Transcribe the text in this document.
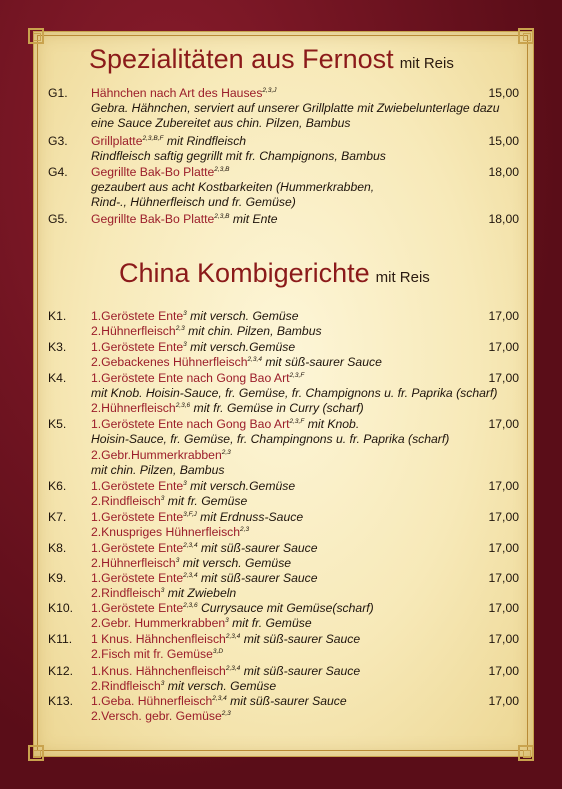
Spezialitäten aus Fernost mit Reis
G1. Hähnchen nach Art des Hauses$^{2,3,J}$	15,00
Gebra. Hähnchen, serviert auf unserer Grillplatte mit Zwiebelunterlage dazu
eine Sauce Zubereitet aus chin. Pilzen, Bambus
G3. Grillplatte$^{2,3,B,F}$ mit Rindfleisch	15,00
Rindfleisch saftig gegrillt mit fr. Champignons, Bambus
G4. Gegrillte Bak-Bo Platte$^{2,3,B}$	18,00
gezaubert aus acht Kostbarkeiten (Hummerkrabben,
Rind-., Hühnerfleisch und fr. Gemüse)
G5. Gegrillte Bak-Bo Platte$^{2,3,B}$ mit Ente	18,00
China Kombigerichte mit Reis
K1. 1.Geröstete Ente$^3$ mit versch. Gemüse	17,00
2.Hühnerfleisch$^{2,3}$ mit chin. Pilzen, Bambus
K3. 1.Geröstete Ente$^3$ mit versch.Gemüse	17,00
2.Gebackenes Hühnerfleisch$^{2,3,4}$ mit süß-saurer Sauce
K4. 1.Geröstete Ente nach Gong Bao Art$^{2,3,F}$	17,00
mit Knob. Hoisin-Sauce, fr. Gemüse, fr. Champignons u. fr. Paprika (scharf)
2.Hühnerfleisch$^{2,3,6}$ mit fr. Gemüse in Curry (scharf)
K5. 1.Geröstete Ente nach Gong Bao Art$^{2,3,F}$ mit Knob.	17,00
Hoisin-Sauce, fr. Gemüse, fr. Champingnons u. fr. Paprika (scharf)
2.Gebr.Hummerkrabben$^{2,3}$
mit chin. Pilzen, Bambus
K6. 1.Geröstete Ente$^3$ mit versch.Gemüse	17,00
2.Rindfleisch$^3$ mit fr. Gemüse
K7. 1.Geröstete Ente$^{3,F,J}$ mit Erdnuss-Sauce	17,00
2.Knuspriges Hühnerfleisch$^{2,3}$
K8. 1.Geröstete Ente$^{2,3,4}$ mit süß-saurer Sauce	17,00
2.Hühnerfleisch$^3$ mit versch. Gemüse
K9. 1.Geröstete Ente$^{2,3,4}$ mit süß-saurer Sauce	17,00
2.Rindfleisch$^3$ mit Zwiebeln
K10. 1.Geröstete Ente$^{2,3,6}$ Currysauce mit Gemüse(scharf)	17,00
2.Gebr. Hummerkrabben$^3$ mit fr. Gemüse
K11. 1 Knus. Hähnchenfleisch$^{2,3,4}$ mit süß-saurer Sauce	17,00
2.Fisch mit fr. Gemüse$^{3,D}$
K12. 1.Knus. Hähnchenfleisch$^{2,3,4}$ mit süß-saurer Sauce	17,00
2.Rindfleisch$^3$ mit versch. Gemüse
K13. 1.Geba. Hühnerfleisch$^{2,3,4}$ mit süß-saurer Sauce	17,00
2.Versch. gebr. Gemüse$^{2,3}$
